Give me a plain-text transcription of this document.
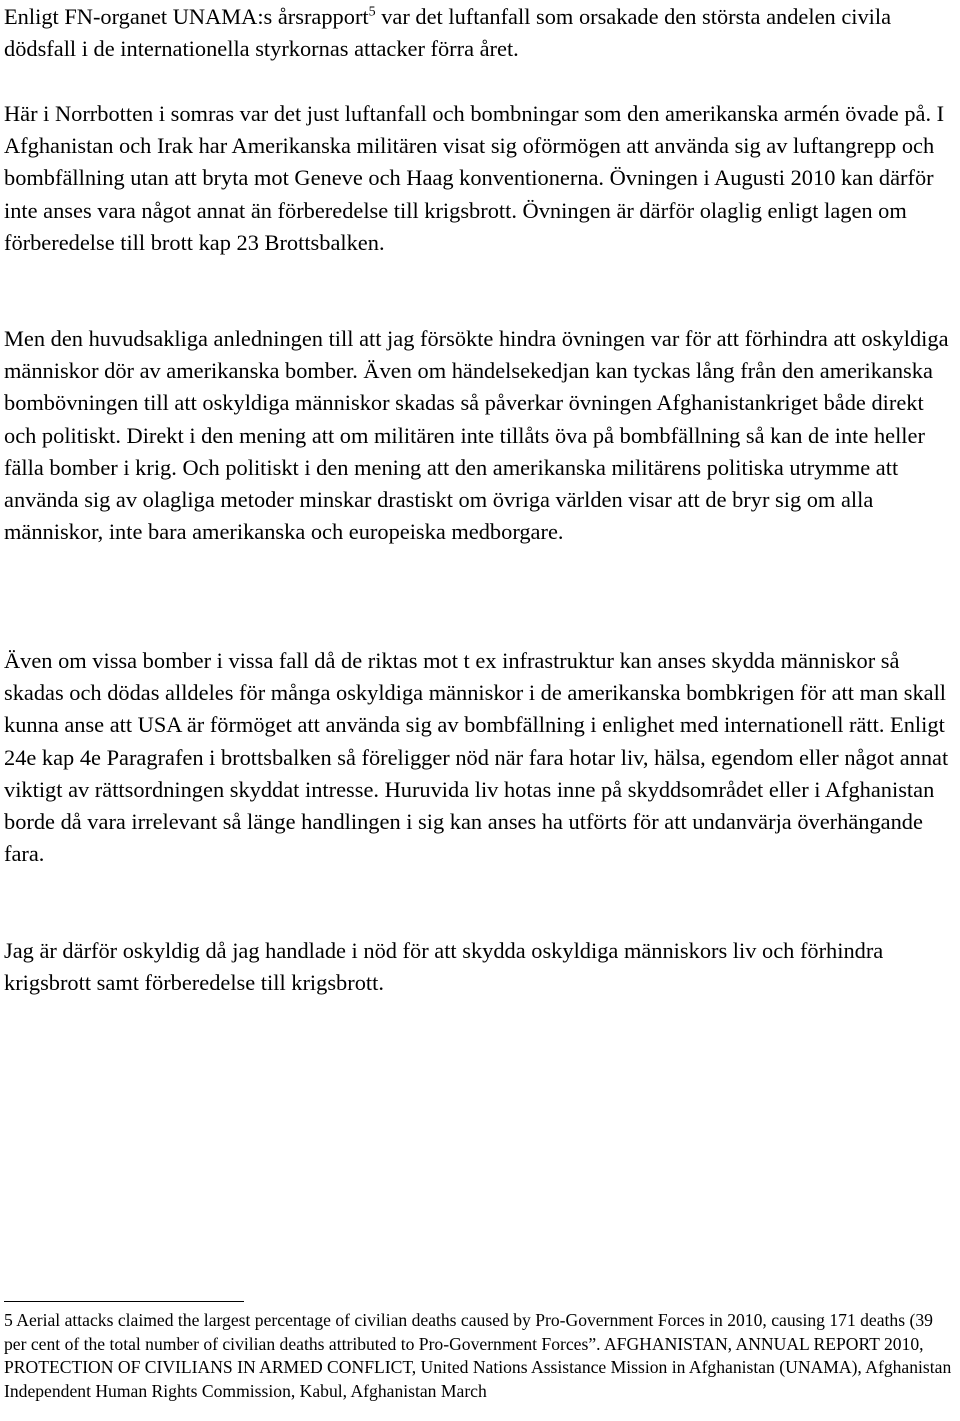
Enligt FN-organet UNAMA:s årsrapport$^5$ var det luftanfall som orsakade den största andelen civila dödsfall i de internationella styrkornas attacker förra året.

Här i Norrbotten i somras var det just luftanfall och bombningar som den amerikanska armén övade på. I Afghanistan och Irak har Amerikanska militären visat sig oförmögen att använda sig av luftangrepp och bombfällning utan att bryta mot Geneve och Haag konventionerna. Övningen i Augusti 2010 kan därför inte anses vara något annat än förberedelse till krigsbrott. Övningen är därför olaglig enligt lagen om förberedelse till brott kap 23 Brottsbalken.

Men den huvudsakliga anledningen till att jag försökte hindra övningen var för att förhindra att oskyldiga människor dör av amerikanska bomber. Även om händelsekedjan kan tyckas lång från den amerikanska bombövningen till att oskyldiga människor skadas så påverkar övningen Afghanistankriget både direkt och politiskt. Direkt i den mening att om militären inte tillåts öva på bombfällning så kan de inte heller fälla bomber i krig. Och politiskt i den mening att den amerikanska militärens politiska utrymme att använda sig av olagliga metoder minskar drastiskt om övriga världen visar att de bryr sig om alla människor, inte bara amerikanska och europeiska medborgare.

Även om vissa bomber i vissa fall då de riktas mot t ex infrastruktur kan anses skydda människor så skadas och dödas alldeles för många oskyldiga människor i de amerikanska bombkrigen för att man skall kunna anse att USA är förmöget att använda sig av bombfällning i enlighet med internationell rätt. Enligt 24e kap 4e Paragrafen i brottsbalken så föreligger nöd när fara hotar liv, hälsa, egendom eller något annat viktigt av rättsordningen skyddat intresse. Huruvida liv hotas inne på skyddsområdet eller i Afghanistan borde då vara irrelevant så länge handlingen i sig kan anses ha utförts för att undanvärja överhängande fara.

Jag är därför oskyldig då jag handlade i nöd för att skydda oskyldiga människors liv och förhindra krigsbrott samt förberedelse till krigsbrott.

5 Aerial attacks claimed the largest percentage of civilian deaths caused by Pro-Government Forces in 2010, causing 171 deaths (39 per cent of the total number of civilian deaths attributed to Pro-Government Forces”. AFGHANISTAN, ANNUAL REPORT 2010, PROTECTION OF CIVILIANS IN ARMED CONFLICT, United Nations Assistance Mission in Afghanistan (UNAMA), Afghanistan Independent Human Rights Commission, Kabul, Afghanistan March
